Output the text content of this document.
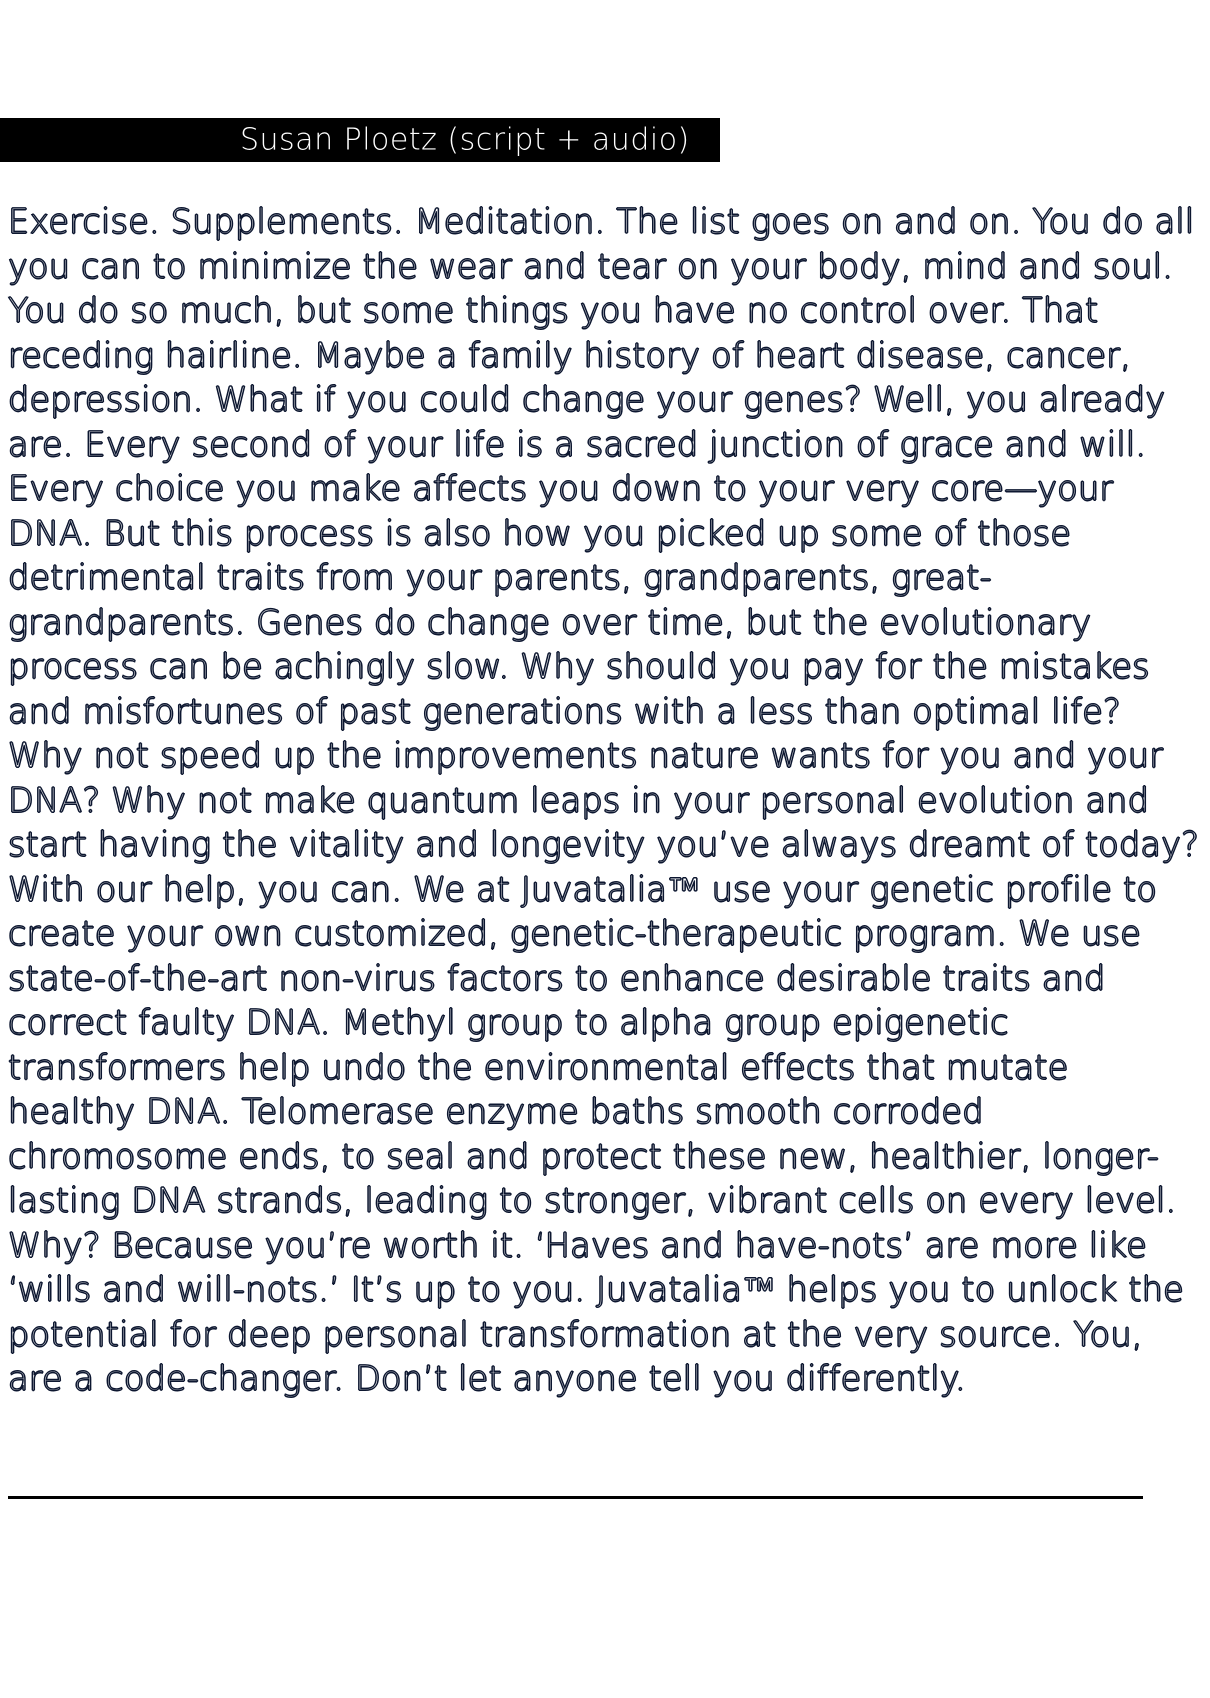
Susan Ploetz (script + audio)
Exercise. Supplements. Meditation. The list goes on and on. You do all you can to minimize the wear and tear on your body, mind and soul. You do so much, but some things you have no control over. That receding hairline. Maybe a family history of heart disease, cancer, depression. What if you could change your genes? Well, you already are. Every second of your life is a sacred junction of grace and will. Every choice you make affects you down to your very core—your DNA. But this process is also how you picked up some of those detrimental traits from your parents, grandparents, great-grandparents. Genes do change over time, but the evolutionary process can be achingly slow. Why should you pay for the mistakes and misfortunes of past generations with a less than optimal life? Why not speed up the improvements nature wants for you and your DNA? Why not make quantum leaps in your personal evolution and start having the vitality and longevity you’ve always dreamt of today? With our help, you can. We at Juvatalia™ use your genetic profile to create your own customized, genetic-therapeutic program. We use state-of-the-art non-virus factors to enhance desirable traits and correct faulty DNA. Methyl group to alpha group epigenetic transformers help undo the environmental effects that mutate healthy DNA. Telomerase enzyme baths smooth corroded chromosome ends, to seal and protect these new, healthier, longer-lasting DNA strands, leading to stronger, vibrant cells on every level. Why? Because you’re worth it. ‘Haves and have-nots’ are more like ‘wills and will-nots.’ It’s up to you. Juvatalia™ helps you to unlock the potential for deep personal transformation at the very source. You, are a code-changer. Don’t let anyone tell you differently.
